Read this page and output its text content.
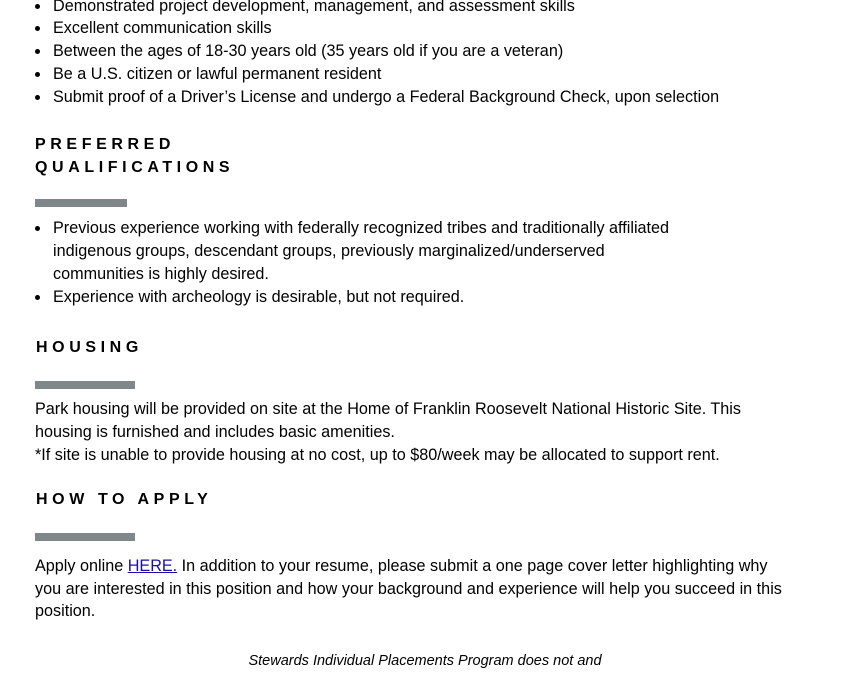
Demonstrated project development, management, and assessment skills
Excellent communication skills
Between the ages of 18-30 years old (35 years old if you are a veteran)
Be a U.S. citizen or lawful permanent resident
Submit proof of a Driver’s License and undergo a Federal Background Check, upon selection
PREFERRED
QUALIFICATIONS
Previous experience working with federally recognized tribes and traditionally affiliated
indigenous groups, descendant groups, previously marginalized/underserved
communities is highly desired.
Experience with archeology is desirable, but not required.
HOUSING
Park housing will be provided on site at the Home of Franklin Roosevelt National Historic Site. This
housing is furnished and includes basic amenities.
*If site is unable to provide housing at no cost, up to $80/week may be allocated to support rent.
HOW TO APPLY
Apply online HERE. In addition to your resume, please submit a one page cover letter highlighting why
you are interested in this position and how your background and experience will help you succeed in this
position.
Stewards Individual Placements Program does not and
